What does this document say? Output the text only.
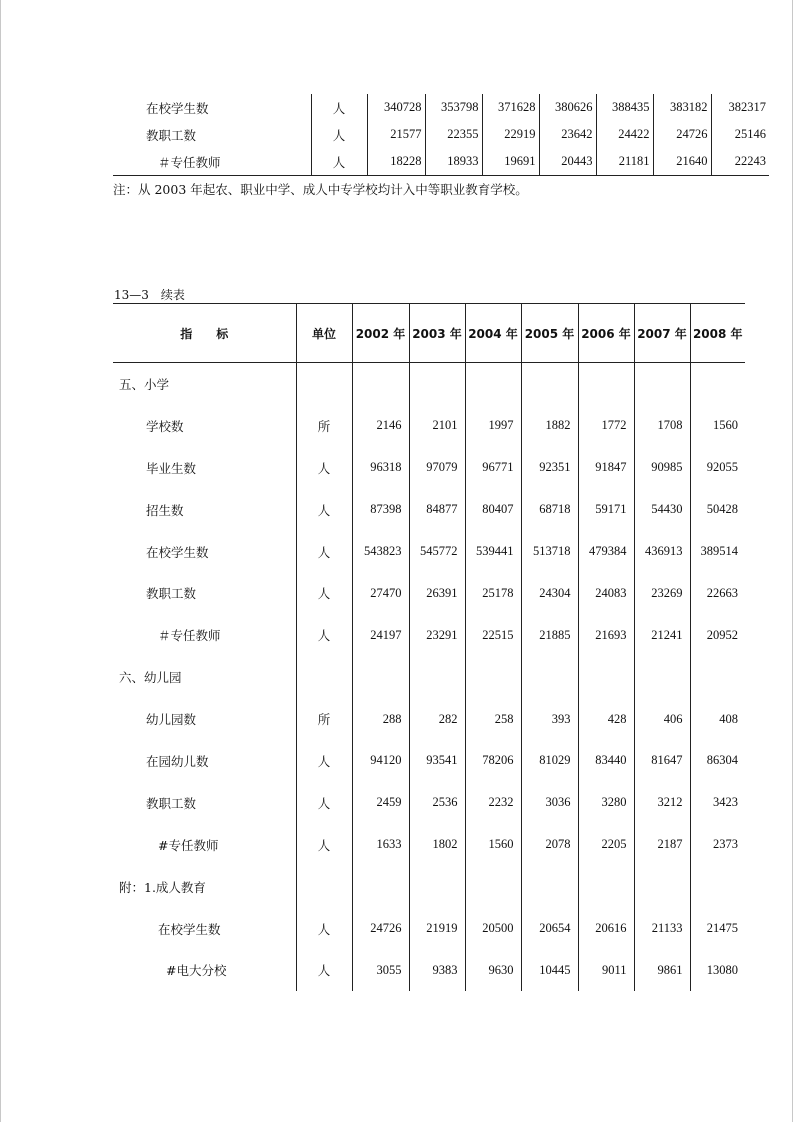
在校学生数	人	340728	353798	371628	380626	388435	383182	382317
教职工数	人	21577	22355	22919	23642	24422	24726	25146
＃专任教师	人	18228	18933	19691	20443	21181	21640	22243
注：从 2003 年起农、职业中学、成人中专学校均计入中等职业教育学校。
13—3　续表
指　　标	单位	2002 年	2003 年	2004 年	2005 年	2006 年	2007 年	2008 年
五、小学								
学校数	所	2146	2101	1997	1882	1772	1708	1560
毕业生数	人	96318	97079	96771	92351	91847	90985	92055
招生数	人	87398	84877	80407	68718	59171	54430	50428
在校学生数	人	543823	545772	539441	513718	479384	436913	389514
教职工数	人	27470	26391	25178	24304	24083	23269	22663
＃专任教师	人	24197	23291	22515	21885	21693	21241	20952
六、幼儿园								
幼儿园数	所	288	282	258	393	428	406	408
在园幼儿数	人	94120	93541	78206	81029	83440	81647	86304
教职工数	人	2459	2536	2232	3036	3280	3212	3423
#专任教师	人	1633	1802	1560	2078	2205	2187	2373
附：1.成人教育								
在校学生数	人	24726	21919	20500	20654	20616	21133	21475
#电大分校	人	3055	9383	9630	10445	9011	9861	13080
